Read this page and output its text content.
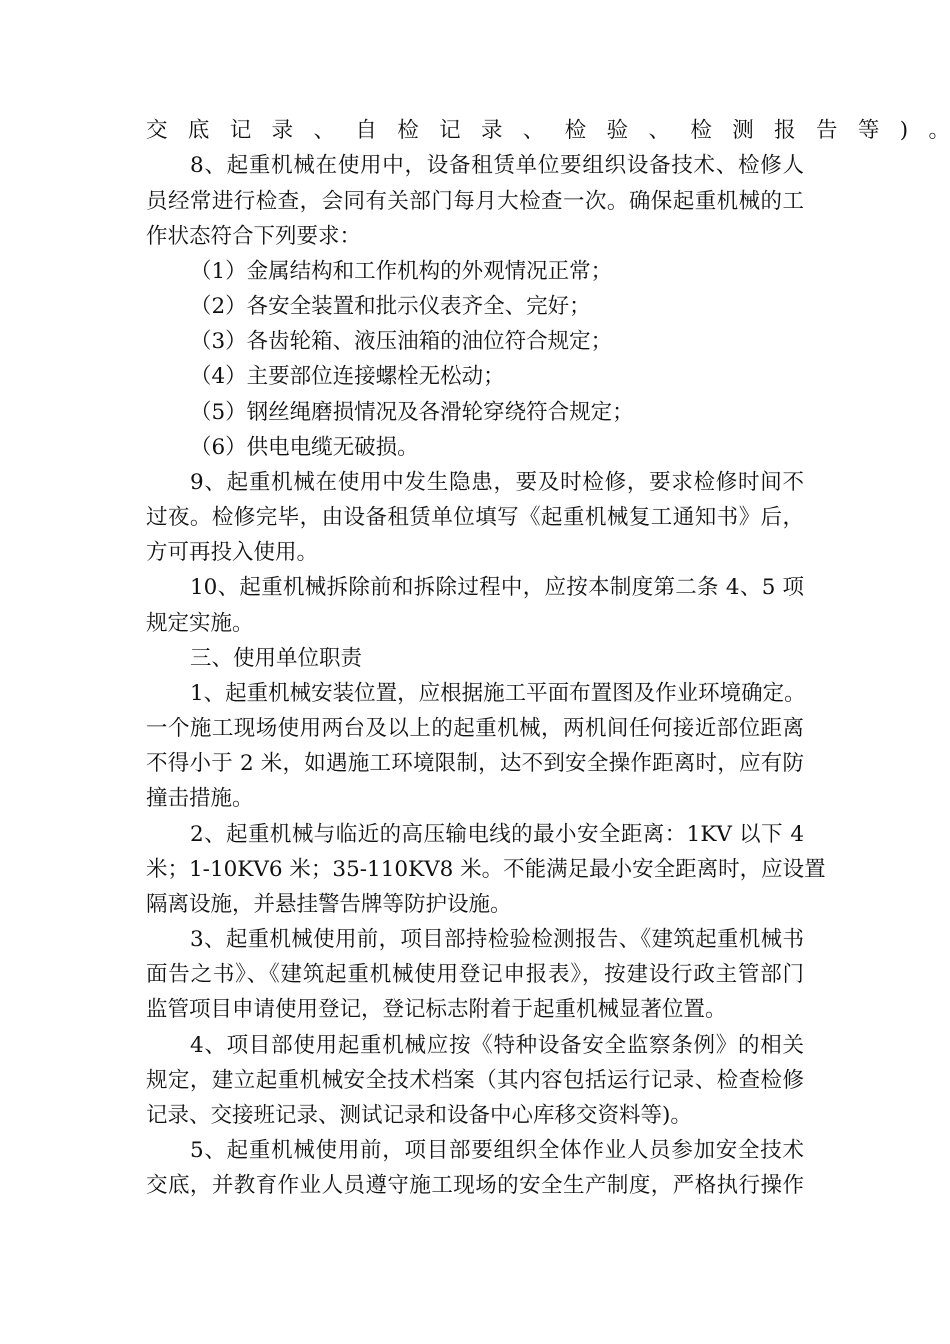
交底记录、自检记录、检验、检测报告等)。

8、起重机械在使用中，设备租赁单位要组织设备技术、检修人

员经常进行检查，会同有关部门每月大检查一次。确保起重机械的工

作状态符合下列要求：

（1）金属结构和工作机构的外观情况正常；

（2）各安全装置和批示仪表齐全、完好；

（3）各齿轮箱、液压油箱的油位符合规定；

（4）主要部位连接螺栓无松动；

（5）钢丝绳磨损情况及各滑轮穿绕符合规定；

（6）供电电缆无破损。

9、起重机械在使用中发生隐患，要及时检修，要求检修时间不

过夜。检修完毕，由设备租赁单位填写《起重机械复工通知书》后，

方可再投入使用。

10、起重机械拆除前和拆除过程中，应按本制度第二条 4、5 项

规定实施。

三、使用单位职责

1、起重机械安装位置，应根据施工平面布置图及作业环境确定。

一个施工现场使用两台及以上的起重机械，两机间任何接近部位距离

不得小于 2 米，如遇施工环境限制，达不到安全操作距离时，应有防

撞击措施。

2、起重机械与临近的高压输电线的最小安全距离：1KV 以下 4

米；1-10KV6 米；35-110KV8 米。不能满足最小安全距离时，应设置

隔离设施，并悬挂警告牌等防护设施。

3、起重机械使用前，项目部持检验检测报告、《建筑起重机械书

面告之书》、《建筑起重机械使用登记申报表》，按建设行政主管部门

监管项目申请使用登记，登记标志附着于起重机械显著位置。

4、项目部使用起重机械应按《特种设备安全监察条例》的相关

规定，建立起重机械安全技术档案（其内容包括运行记录、检查检修

记录、交接班记录、测试记录和设备中心库移交资料等)。

5、起重机械使用前，项目部要组织全体作业人员参加安全技术

交底，并教育作业人员遵守施工现场的安全生产制度，严格执行操作
